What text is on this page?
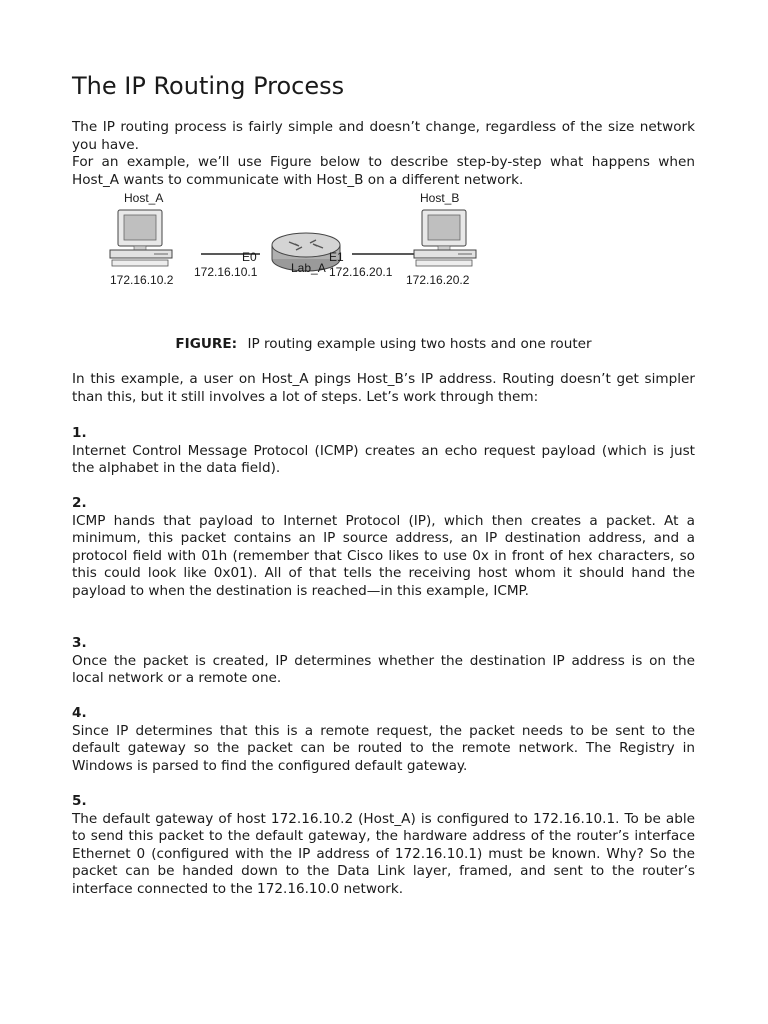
The IP Routing Process

The IP routing process is fairly simple and doesn’t change, regardless of the size network you have.

For an example, we’ll use Figure below to describe step-by-step what happens when Host_A wants to communicate with Host_B on a different network.

Host_A
172.16.10.2
E0
172.16.10.1	Lab_A
E1
172.16.20.1
Host_B
172.16.20.2
FIGURE: IP routing example using two hosts and one router

In this example, a user on Host_A pings Host_B’s IP address. Routing doesn’t get simpler than this, but it still involves a lot of steps. Let’s work through them:

1.

Internet Control Message Protocol (ICMP) creates an echo request payload (which is just the alphabet in the data field).

2.

ICMP hands that payload to Internet Protocol (IP), which then creates a packet. At a minimum, this packet contains an IP source address, an IP destination address, and a protocol field with 01h (remember that Cisco likes to use 0x in front of hex characters, so this could look like 0x01). All of that tells the receiving host whom it should hand the payload to when the destination is reached—in this example, ICMP.

3.

Once the packet is created, IP determines whether the destination IP address is on the local network or a remote one.

4.

Since IP determines that this is a remote request, the packet needs to be sent to the default gateway so the packet can be routed to the remote network. The Registry in Windows is parsed to find the configured default gateway.

5.

The default gateway of host 172.16.10.2 (Host_A) is configured to 172.16.10.1. To be able to send this packet to the default gateway, the hardware address of the router’s interface Ethernet 0 (configured with the IP address of 172.16.10.1) must be known. Why? So the packet can be handed down to the Data Link layer, framed, and sent to the router’s interface connected to the 172.16.10.0 network.
